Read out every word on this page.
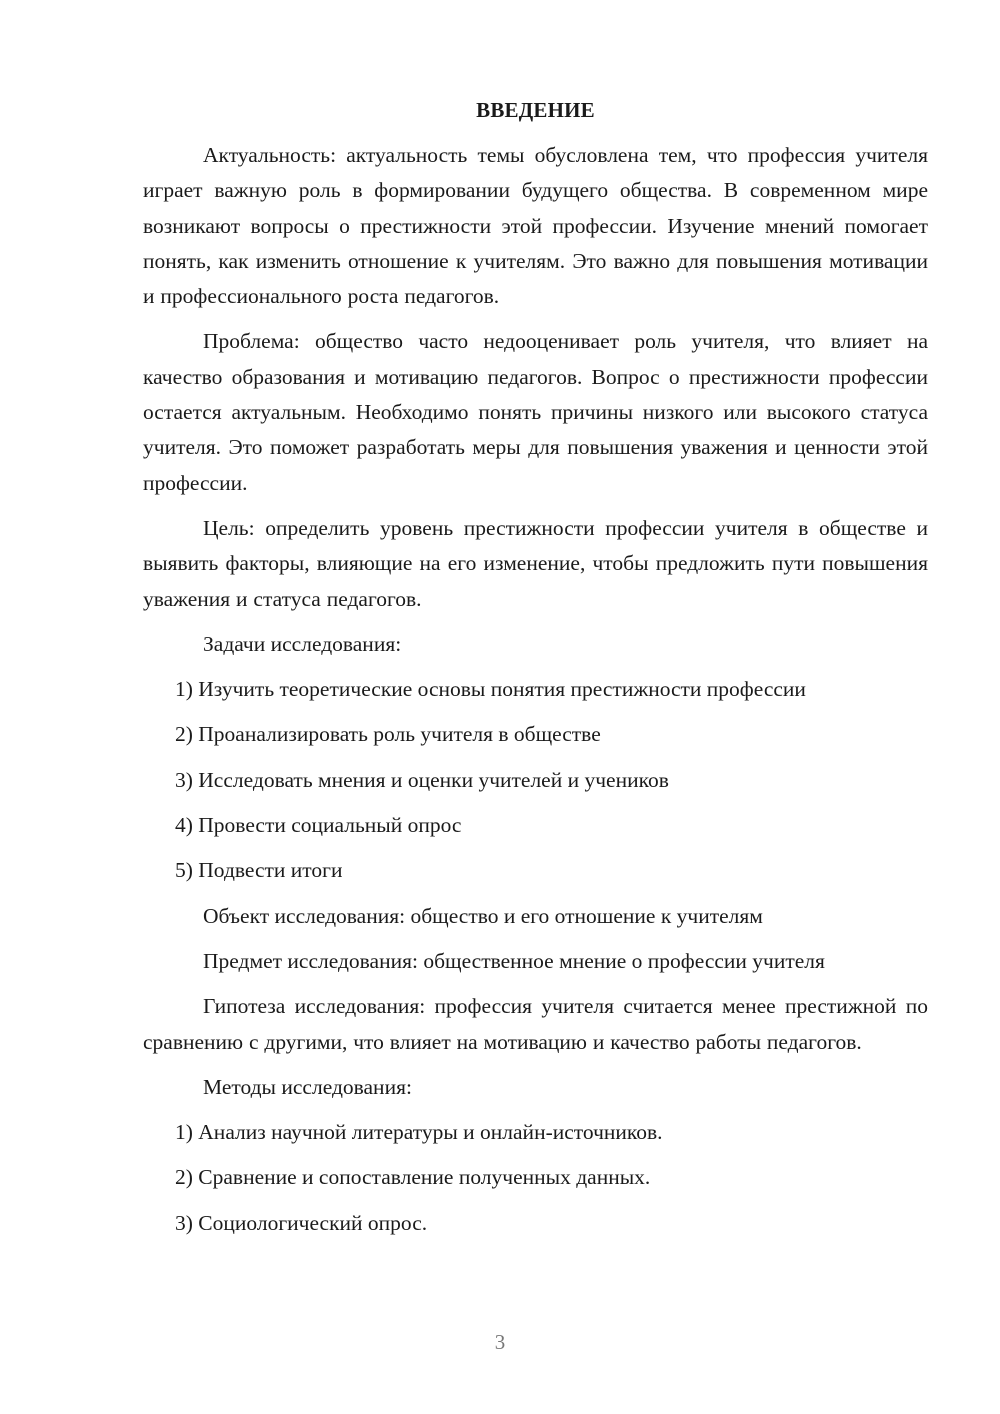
ВВЕДЕНИЕ

Актуальность: актуальность темы обусловлена тем, что профессия учителя играет важную роль в формировании будущего общества. В современном мире возникают вопросы о престижности этой профессии. Изучение мнений помогает понять, как изменить отношение к учителям. Это важно для повышения мотивации и профессионального роста педагогов.

Проблема: общество часто недооценивает роль учителя, что влияет на качество образования и мотивацию педагогов. Вопрос о престижности профессии остается актуальным. Необходимо понять причины низкого или высокого статуса учителя. Это поможет разработать меры для повышения уважения и ценности этой профессии.

Цель: определить уровень престижности профессии учителя в обществе и выявить факторы, влияющие на его изменение, чтобы предложить пути повышения уважения и статуса педагогов.

Задачи исследования:

1) Изучить теоретические основы понятия престижности профессии

2) Проанализировать роль учителя в обществе

3) Исследовать мнения и оценки учителей и учеников

4) Провести социальный опрос

5) Подвести итоги

Объект исследования: общество и его отношение к учителям

Предмет исследования: общественное мнение о профессии учителя

Гипотеза исследования: профессия учителя считается менее престижной по сравнению с другими, что влияет на мотивацию и качество работы педагогов.

Методы исследования:

1) Анализ научной литературы и онлайн-источников.

2) Сравнение и сопоставление полученных данных.

3) Социологический опрос.

3
